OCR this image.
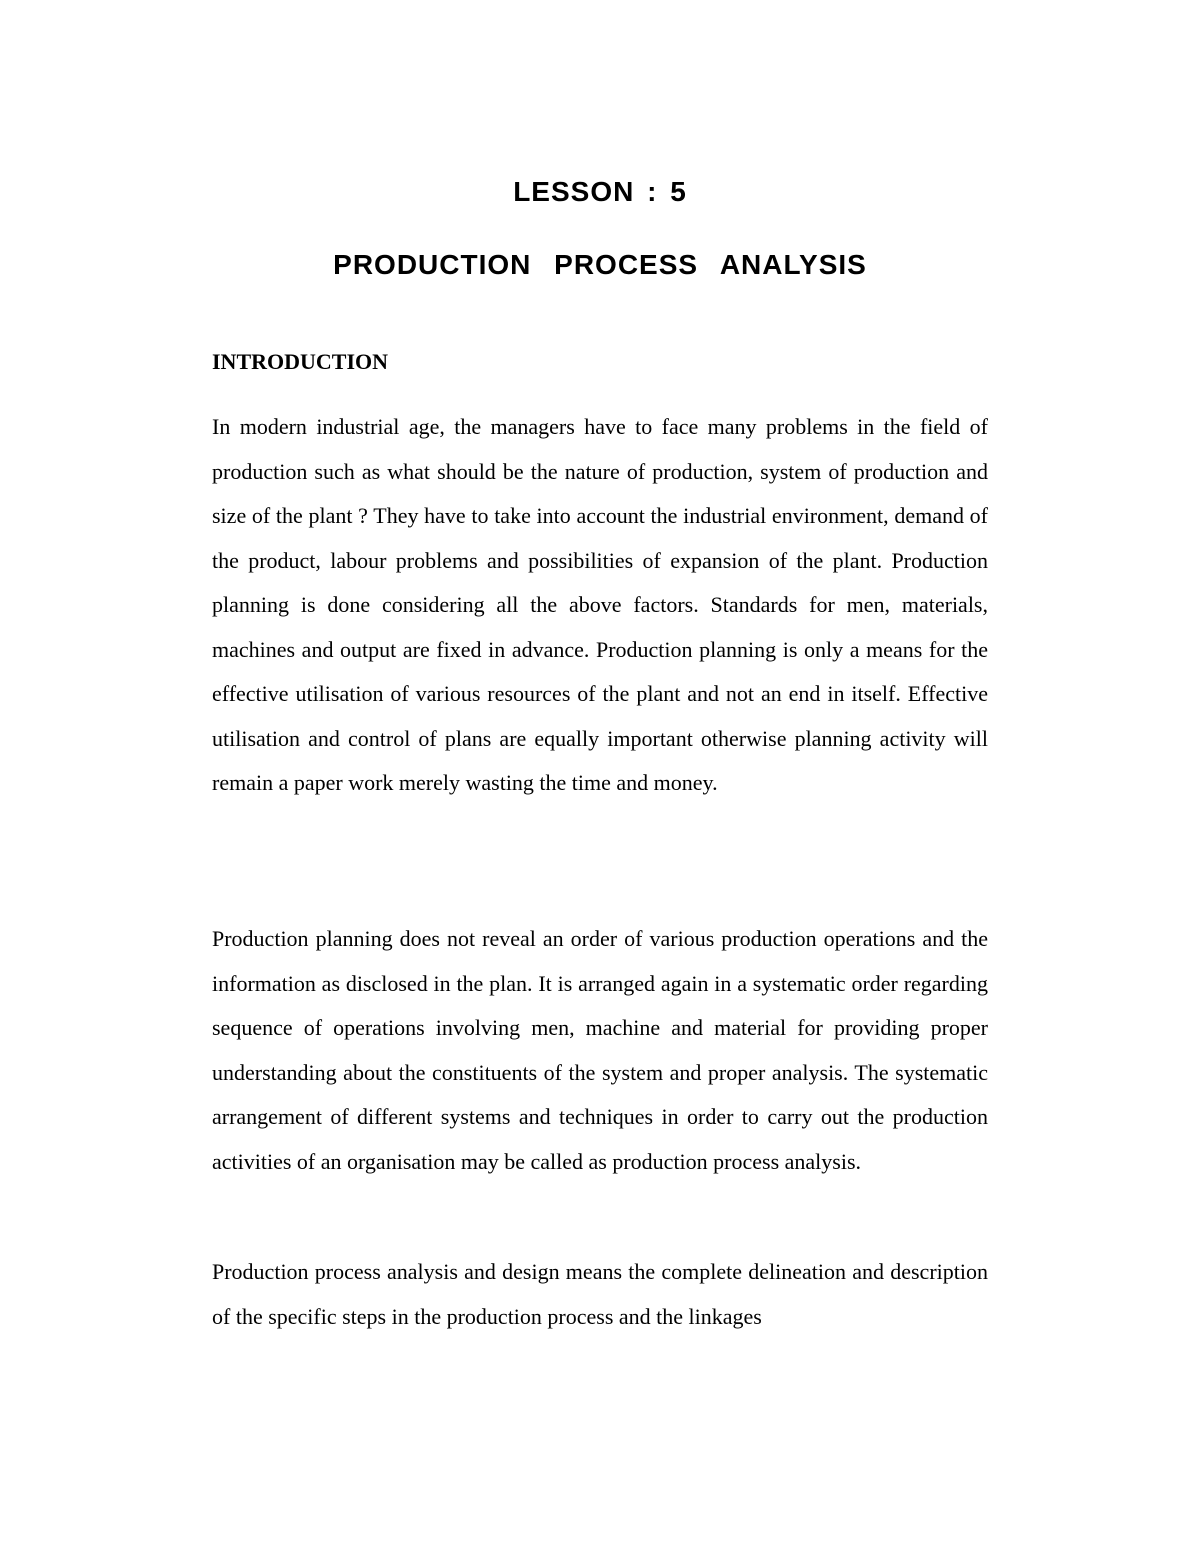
LESSON : 5
PRODUCTION PROCESS ANALYSIS
INTRODUCTION

In modern industrial age, the managers have to face many problems in the field of production such as what should be the nature of production, system of production and size of the plant ? They have to take into account the industrial environment, demand of the product, labour problems and possibilities of expansion of the plant. Production planning is done considering all the above factors. Standards for men, materials, machines and output are fixed in advance. Production planning is only a means for the effective utilisation of various resources of the plant and not an end in itself. Effective utilisation and control of plans are equally important otherwise planning activity will remain a paper work merely wasting the time and money.

Production planning does not reveal an order of various production operations and the information as disclosed in the plan. It is arranged again in a systematic order regarding sequence of operations involving men, machine and material for providing proper understanding about the constituents of the system and proper analysis. The systematic arrangement of different systems and techniques in order to carry out the production activities of an organisation may be called as production process analysis.

Production process analysis and design means the complete delineation and description of the specific steps in the production process and the linkages
